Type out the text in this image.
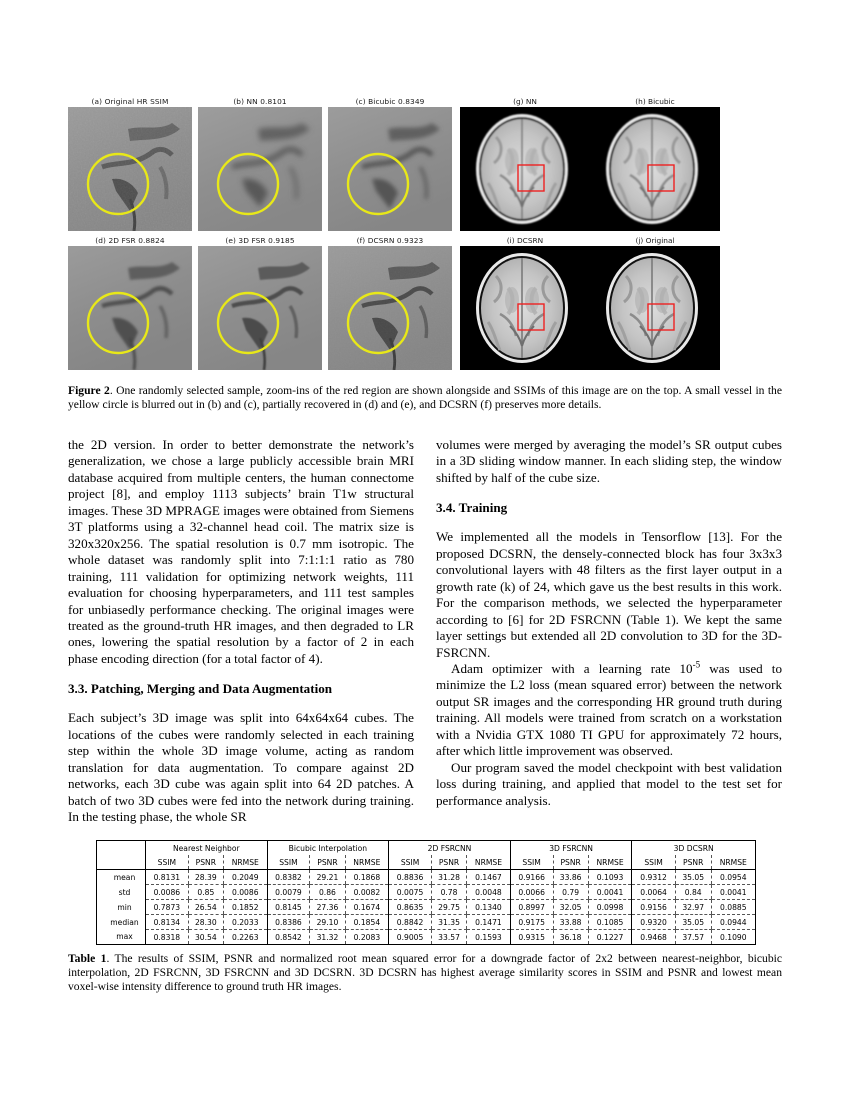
(a) Original HR SSIM	(b) NN 0.8101	(c) Bicubic 0.8349	(g) NN	(h) Bicubic
(d) 2D FSR 0.8824	(e) 3D FSR 0.9185	(f) DCSRN 0.9323	(i) DCSRN	(j) Original
Figure 2. One randomly selected sample, zoom-ins of the red region are shown alongside and SSIMs of this image are on the top. A small vessel in the yellow circle is blurred out in (b) and (c), partially recovered in (d) and (e), and DCSRN (f) preserves more details.

the 2D version. In order to better demonstrate the network’s generalization, we chose a large publicly accessible brain MRI database acquired from multiple centers, the human connectome project [8], and employ 1113 subjects’ brain T1w structural images. These 3D MPRAGE images were obtained from Siemens 3T platforms using a 32-channel head coil. The matrix size is 320x320x256. The spatial resolution is 0.7 mm isotropic. The whole dataset was randomly split into 7:1:1:1 ratio as 780 training, 111 validation for optimizing network weights, 111 evaluation for choosing hyperparameters, and 111 test samples for unbiasedly performance checking. The original images were treated as the ground-truth HR images, and then degraded to LR ones, lowering the spatial resolution by a factor of 2 in each phase encoding direction (for a total factor of 4).

3.3. Patching, Merging and Data Augmentation

Each subject’s 3D image was split into 64x64x64 cubes. The locations of the cubes were randomly selected in each training step within the whole 3D image volume, acting as random translation for data augmentation. To compare against 2D networks, each 3D cube was again split into 64 2D patches. A batch of two 3D cubes were fed into the network during training. In the testing phase, the whole SR

volumes were merged by averaging the model’s SR output cubes in a 3D sliding window manner. In each sliding step, the window shifted by half of the cube size.

3.4. Training

We implemented all the models in Tensorflow [13]. For the proposed DCSRN, the densely-connected block has four 3x3x3 convolutional layers with 48 filters as the first layer output in a growth rate (k) of 24, which gave us the best results in this work. For the comparison methods, we selected the hyperparameter according to [6] for 2D FSRCNN (Table 1). We kept the same layer settings but extended all 2D convolution to 3D for the 3D-FSRCNN.

Adam optimizer with a learning rate $10^{-5}$ was used to minimize the L2 loss (mean squared error) between the network output SR images and the corresponding HR ground truth during training. All models were trained from scratch on a workstation with a Nvidia GTX 1080 TI GPU for approximately 72 hours, after which little improvement was observed.

Our program saved the model checkpoint with best validation loss during training, and applied that model to the test set for performance analysis.

	Nearest Neighbor			Bicubic Interpolation			2D FSRCNN			3D FSRCNN			3D DCSRN		
	SSIM	PSNR	NRMSE	SSIM	PSNR	NRMSE	SSIM	PSNR	NRMSE	SSIM	PSNR	NRMSE	SSIM	PSNR	NRMSE
mean	0.8131	28.39	0.2049	0.8382	29.21	0.1868	0.8836	31.28	0.1467	0.9166	33.86	0.1093	0.9312	35.05	0.0954
std	0.0086	0.85	0.0086	0.0079	0.86	0.0082	0.0075	0.78	0.0048	0.0066	0.79	0.0041	0.0064	0.84	0.0041
min	0.7873	26.54	0.1852	0.8145	27.36	0.1674	0.8635	29.75	0.1340	0.8997	32.05	0.0998	0.9156	32.97	0.0885
median	0.8134	28.30	0.2033	0.8386	29.10	0.1854	0.8842	31.35	0.1471	0.9175	33.88	0.1085	0.9320	35.05	0.0944
max	0.8318	30.54	0.2263	0.8542	31.32	0.2083	0.9005	33.57	0.1593	0.9315	36.18	0.1227	0.9468	37.57	0.1090
Table 1. The results of SSIM, PSNR and normalized root mean squared error for a downgrade factor of 2x2 between nearest-neighbor, bicubic interpolation, 2D FSRCNN, 3D FSRCNN and 3D DCSRN. 3D DCSRN has highest average similarity scores in SSIM and PSNR and lowest mean voxel-wise intensity difference to ground truth HR images.
